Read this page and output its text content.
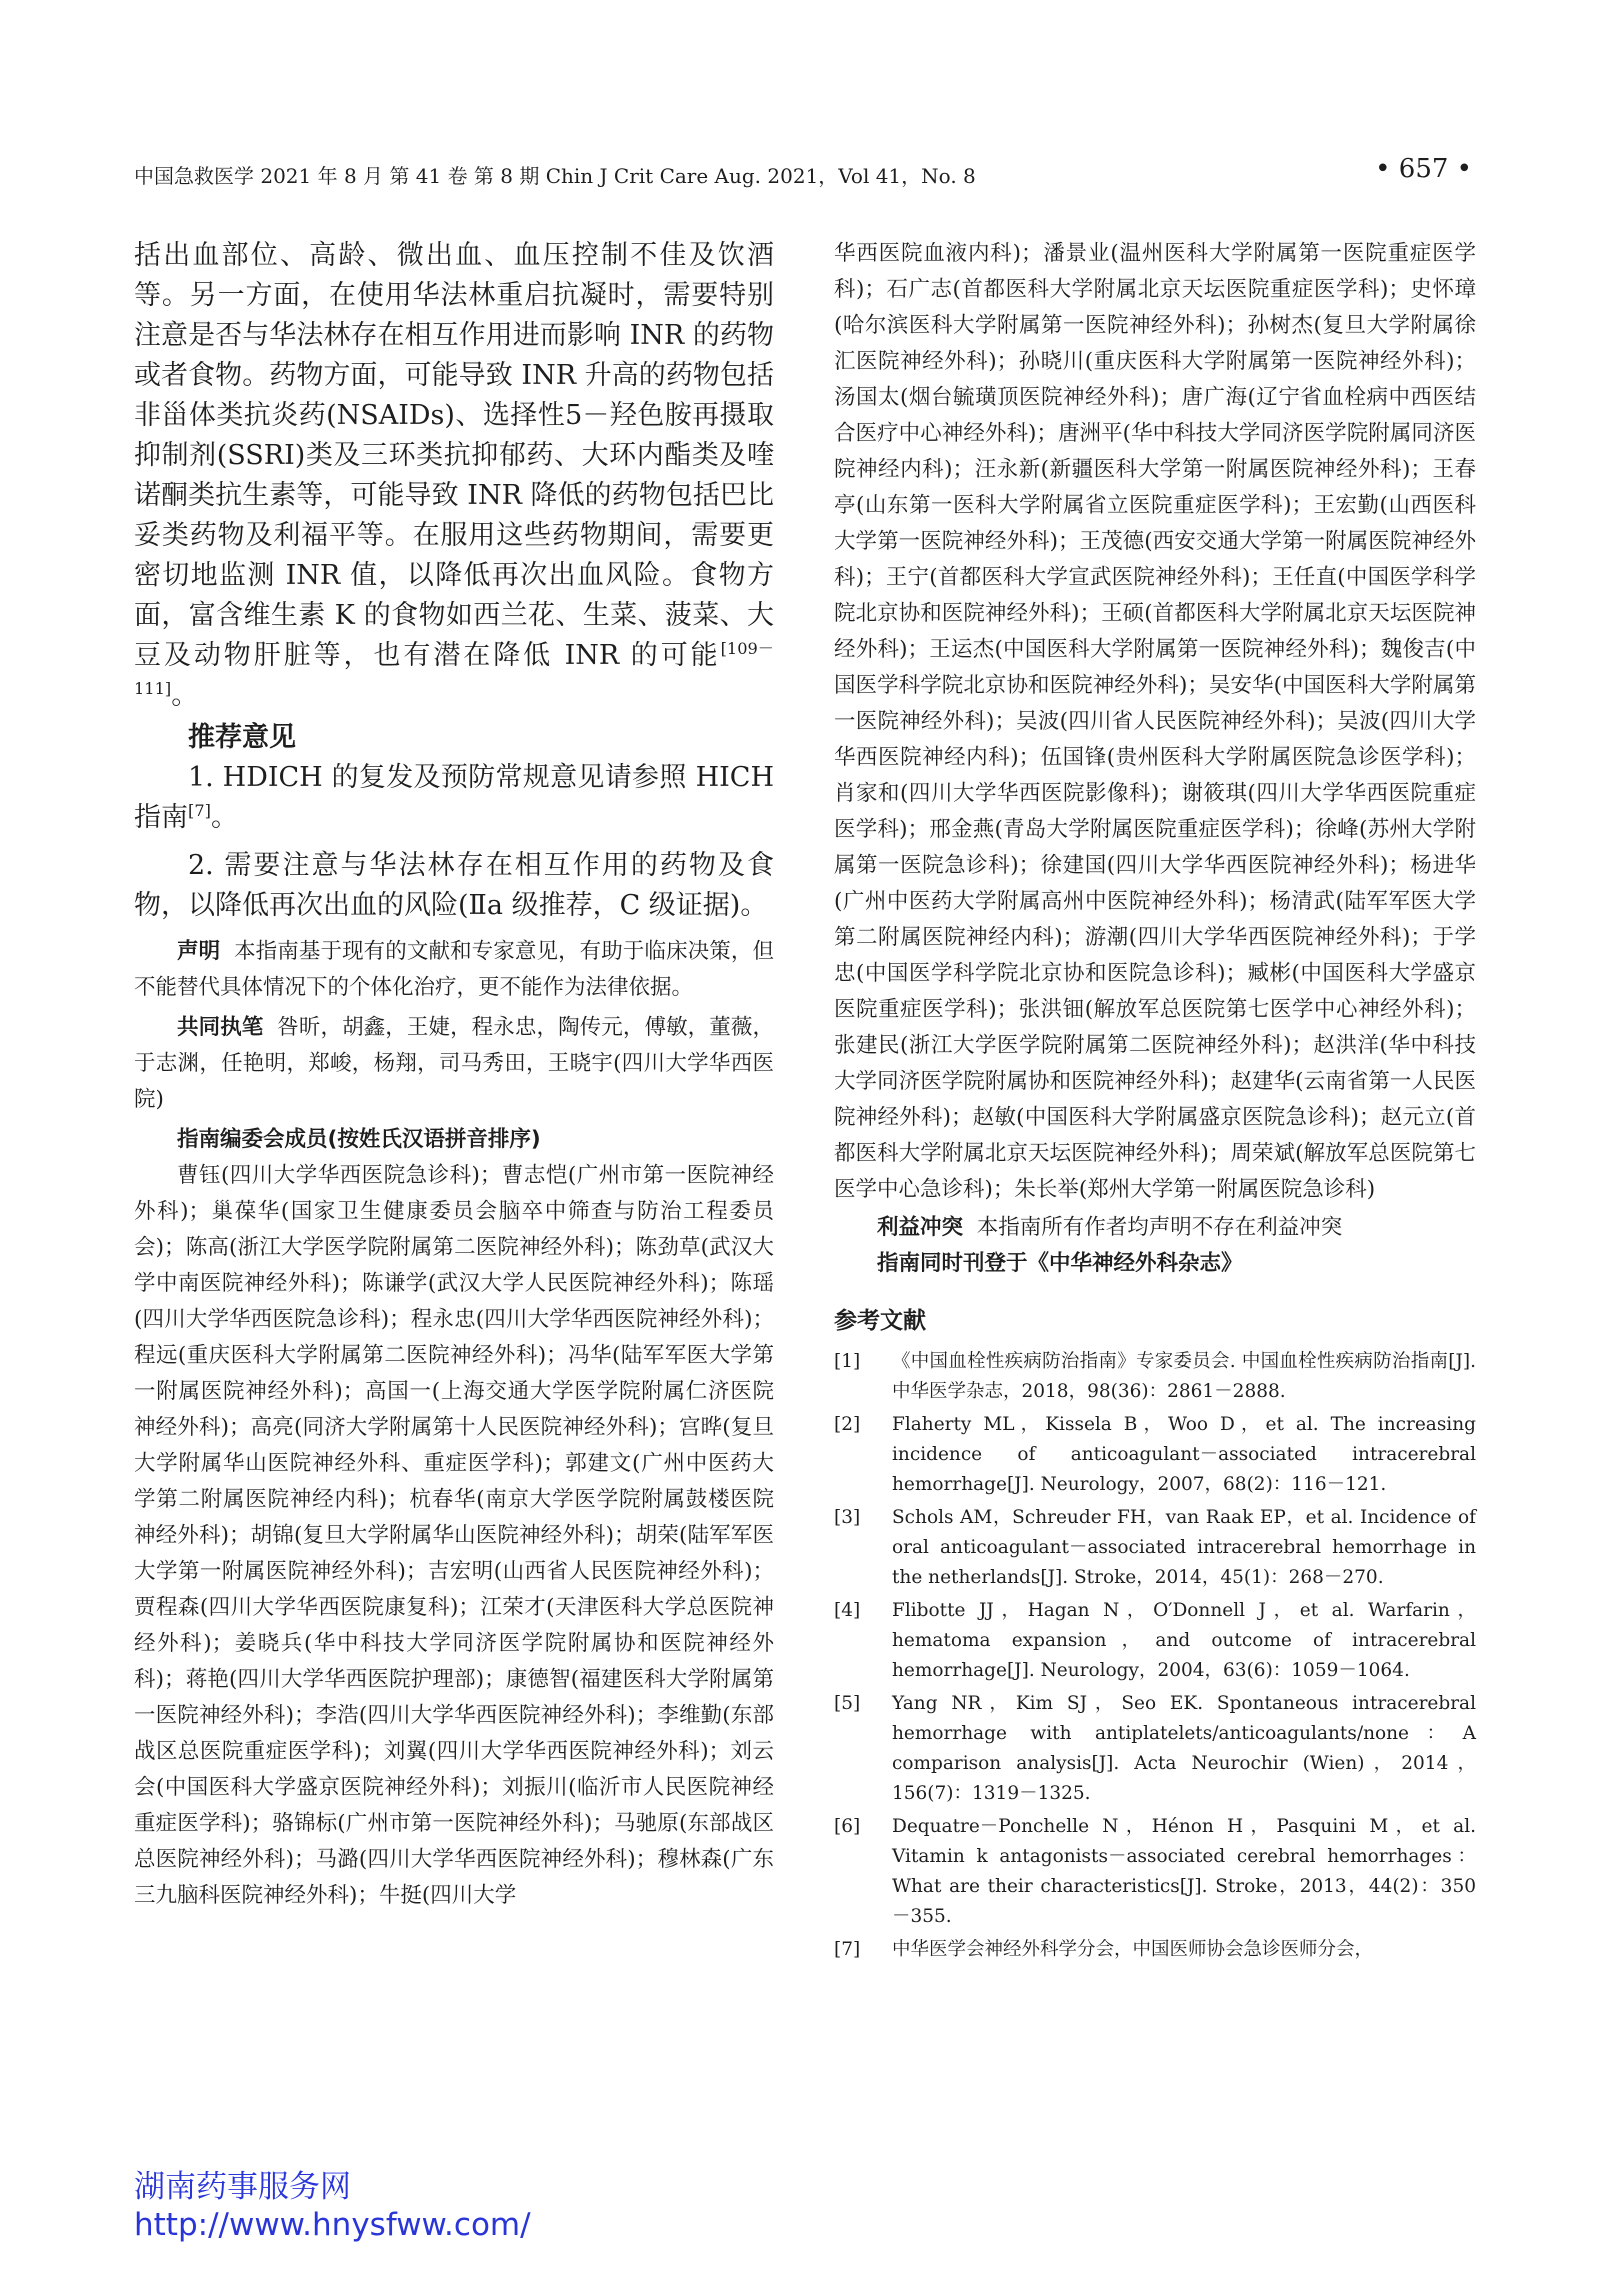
中国急救医学 2021 年 8 月 第 41 卷 第 8 期 Chin J Crit Care Aug. 2021，Vol 41，No. 8	• 657 •

括出血部位、高龄、微出血、血压控制不佳及饮酒等。另一方面，在使用华法林重启抗凝时，需要特别注意是否与华法林存在相互作用进而影响 INR 的药物或者食物。药物方面，可能导致 INR 升高的药物包括非甾体类抗炎药(NSAIDs)、选择性5－羟色胺再摄取抑制剂(SSRI)类及三环类抗抑郁药、大环内酯类及喹诺酮类抗生素等，可能导致 INR 降低的药物包括巴比妥类药物及利福平等。在服用这些药物期间，需要更密切地监测 INR 值，以降低再次出血风险。食物方面，富含维生素 K 的食物如西兰花、生菜、菠菜、大豆及动物肝脏等，也有潜在降低 INR 的可能[109－111]。

推荐意见

1. HDICH 的复发及预防常规意见请参照 HICH 指南[7]。

2. 需要注意与华法林存在相互作用的药物及食物，以降低再次出血的风险(Ⅱa 级推荐，C 级证据)。

声明 本指南基于现有的文献和专家意见，有助于临床决策，但不能替代具体情况下的个体化治疗，更不能作为法律依据。

共同执笔 咎昕，胡鑫，王婕，程永忠，陶传元，傅敏，董薇，于志渊，任艳明，郑峻，杨翔，司马秀田，王晓宇(四川大学华西医院)

指南编委会成员(按姓氏汉语拼音排序)

曹钰(四川大学华西医院急诊科)；曹志恺(广州市第一医院神经外科)；巢葆华(国家卫生健康委员会脑卒中筛查与防治工程委员会)；陈高(浙江大学医学院附属第二医院神经外科)；陈劲草(武汉大学中南医院神经外科)；陈谦学(武汉大学人民医院神经外科)；陈瑶(四川大学华西医院急诊科)；程永忠(四川大学华西医院神经外科)；程远(重庆医科大学附属第二医院神经外科)；冯华(陆军军医大学第一附属医院神经外科)；高国一(上海交通大学医学院附属仁济医院神经外科)；高亮(同济大学附属第十人民医院神经外科)；宫晔(复旦大学附属华山医院神经外科、重症医学科)；郭建文(广州中医药大学第二附属医院神经内科)；杭春华(南京大学医学院附属鼓楼医院神经外科)；胡锦(复旦大学附属华山医院神经外科)；胡荣(陆军军医大学第一附属医院神经外科)；吉宏明(山西省人民医院神经外科)；贾程森(四川大学华西医院康复科)；江荣才(天津医科大学总医院神经外科)；姜晓兵(华中科技大学同济医学院附属协和医院神经外科)；蒋艳(四川大学华西医院护理部)；康德智(福建医科大学附属第一医院神经外科)；李浩(四川大学华西医院神经外科)；李维勤(东部战区总医院重症医学科)；刘翼(四川大学华西医院神经外科)；刘云会(中国医科大学盛京医院神经外科)；刘振川(临沂市人民医院神经重症医学科)；骆锦标(广州市第一医院神经外科)；马驰原(东部战区总医院神经外科)；马潞(四川大学华西医院神经外科)；穆林森(广东三九脑科医院神经外科)；牛挺(四川大学

华西医院血液内科)；潘景业(温州医科大学附属第一医院重症医学科)；石广志(首都医科大学附属北京天坛医院重症医学科)；史怀璋(哈尔滨医科大学附属第一医院神经外科)；孙树杰(复旦大学附属徐汇医院神经外科)；孙晓川(重庆医科大学附属第一医院神经外科)；汤国太(烟台毓璜顶医院神经外科)；唐广海(辽宁省血栓病中西医结合医疗中心神经外科)；唐洲平(华中科技大学同济医学院附属同济医院神经内科)；汪永新(新疆医科大学第一附属医院神经外科)；王春亭(山东第一医科大学附属省立医院重症医学科)；王宏勤(山西医科大学第一医院神经外科)；王茂德(西安交通大学第一附属医院神经外科)；王宁(首都医科大学宣武医院神经外科)；王任直(中国医学科学院北京协和医院神经外科)；王硕(首都医科大学附属北京天坛医院神经外科)；王运杰(中国医科大学附属第一医院神经外科)；魏俊吉(中国医学科学院北京协和医院神经外科)；吴安华(中国医科大学附属第一医院神经外科)；吴波(四川省人民医院神经外科)；吴波(四川大学华西医院神经内科)；伍国锋(贵州医科大学附属医院急诊医学科)；肖家和(四川大学华西医院影像科)；谢筱琪(四川大学华西医院重症医学科)；邢金燕(青岛大学附属医院重症医学科)；徐峰(苏州大学附属第一医院急诊科)；徐建国(四川大学华西医院神经外科)；杨进华(广州中医药大学附属高州中医院神经外科)；杨清武(陆军军医大学第二附属医院神经内科)；游潮(四川大学华西医院神经外科)；于学忠(中国医学科学院北京协和医院急诊科)；臧彬(中国医科大学盛京医院重症医学科)；张洪钿(解放军总医院第七医学中心神经外科)；张建民(浙江大学医学院附属第二医院神经外科)；赵洪洋(华中科技大学同济医学院附属协和医院神经外科)；赵建华(云南省第一人民医院神经外科)；赵敏(中国医科大学附属盛京医院急诊科)；赵元立(首都医科大学附属北京天坛医院神经外科)；周荣斌(解放军总医院第七医学中心急诊科)；朱长举(郑州大学第一附属医院急诊科)

利益冲突 本指南所有作者均声明不存在利益冲突

指南同时刊登于《中华神经外科杂志》

参考文献
[1]	《中国血栓性疾病防治指南》专家委员会. 中国血栓性疾病防治指南[J]. 中华医学杂志，2018，98(36)：2861－2888.
[2]	Flaherty ML，Kissela B，Woo D，et al. The increasing incidence of anticoagulant－associated intracerebral hemorrhage[J]. Neurology，2007，68(2)：116－121.
[3]	Schols AM，Schreuder FH，van Raak EP，et al. Incidence of oral anticoagulant－associated intracerebral hemorrhage in the netherlands[J]. Stroke，2014，45(1)：268－270.
[4]	Flibotte JJ，Hagan N，O′Donnell J，et al. Warfarin，hematoma expansion，and outcome of intracerebral hemorrhage[J]. Neurology，2004，63(6)：1059－1064.
[5]	Yang NR，Kim SJ，Seo EK. Spontaneous intracerebral hemorrhage with antiplatelets/anticoagulants/none：A comparison analysis[J]. Acta Neurochir (Wien)，2014，156(7)：1319－1325.
[6]	Dequatre－Ponchelle N，Hénon H，Pasquini M，et al. Vitamin k antagonists－associated cerebral hemorrhages：What are their characteristics[J]. Stroke，2013，44(2)：350－355.
[7]	中华医学会神经外科学分会，中国医师协会急诊医师分会，
湖南药事服务网
http://www.hnysfww.com/
